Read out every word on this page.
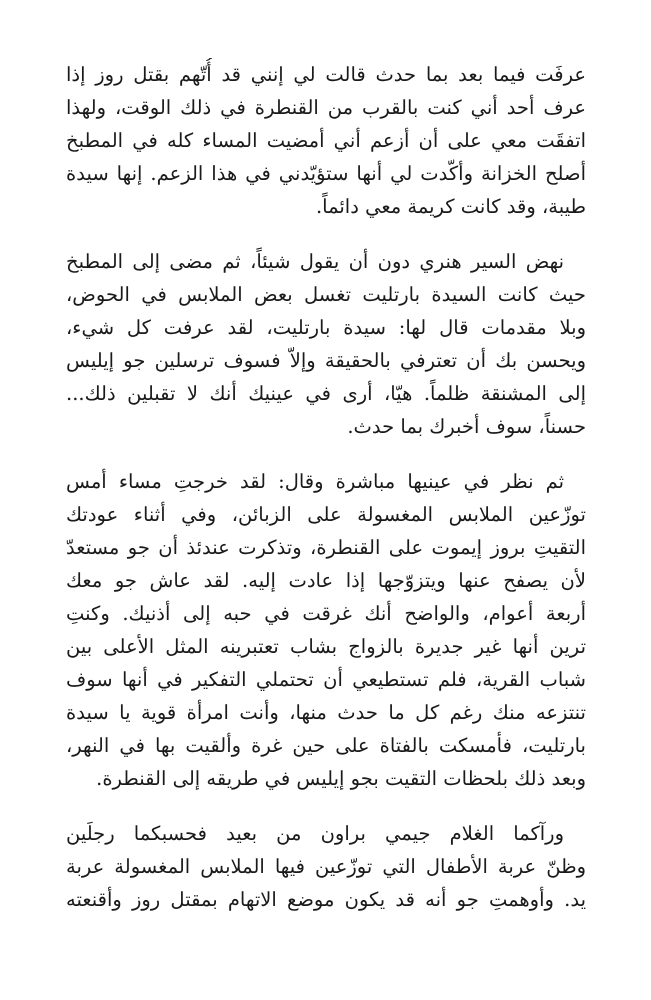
عرفَت فيما بعد بما حدث قالت لي إنني قد أُتّهم بقتل روز إذا
عرف أحد أني كنت بالقرب من القنطرة في ذلك الوقت، ولهذا
اتفقَت معي على أن أزعم أني أمضيت المساء كله في المطبخ
أصلح الخزانة وأكّدت لي أنها ستؤيّدني في هذا الزعم. إنها سيدة
طيبة، وقد كانت كريمة معي دائماً.

نهض السير هنري دون أن يقول شيئاً، ثم مضى إلى المطبخ
حيث كانت السيدة بارتليت تغسل بعض الملابس في الحوض،
وبلا مقدمات قال لها: سيدة بارتليت، لقد عرفت كل شيء،
ويحسن بك أن تعترفي بالحقيقة وإلاّ فسوف ترسلين جو إيليس
إلى المشنقة ظلماً. هيّا، أرى في عينيك أنك لا تقبلين ذلك...
حسناً، سوف أخبرك بما حدث.

ثم نظر في عينيها مباشرة وقال: لقد خرجتِ مساء أمس
توزّعين الملابس المغسولة على الزبائن، وفي أثناء عودتك
التقيتِ بروز إيموت على القنطرة، وتذكرت عندئذ أن جو مستعدّ
لأن يصفح عنها ويتزوّجها إذا عادت إليه. لقد عاش جو معك
أربعة أعوام، والواضح أنك غرقت في حبه إلى أذنيك. وكنتِ
ترين أنها غير جديرة بالزواج بشاب تعتبرينه المثل الأعلى بين
شباب القرية، فلم تستطيعي أن تحتملي التفكير في أنها سوف
تنتزعه منك رغم كل ما حدث منها، وأنت امرأة قوية يا سيدة
بارتليت، فأمسكت بالفتاة على حين غرة وألقيت بها في النهر،
وبعد ذلك بلحظات التقيت بجو إيليس في طريقه إلى القنطرة.

ورآكما الغلام جيمي براون من بعيد فحسبكما رجلَين
وظنّ عربة الأطفال التي توزّعين فيها الملابس المغسولة عربة
يد. وأوهمتِ جو أنه قد يكون موضع الاتهام بمقتل روز وأقنعته
